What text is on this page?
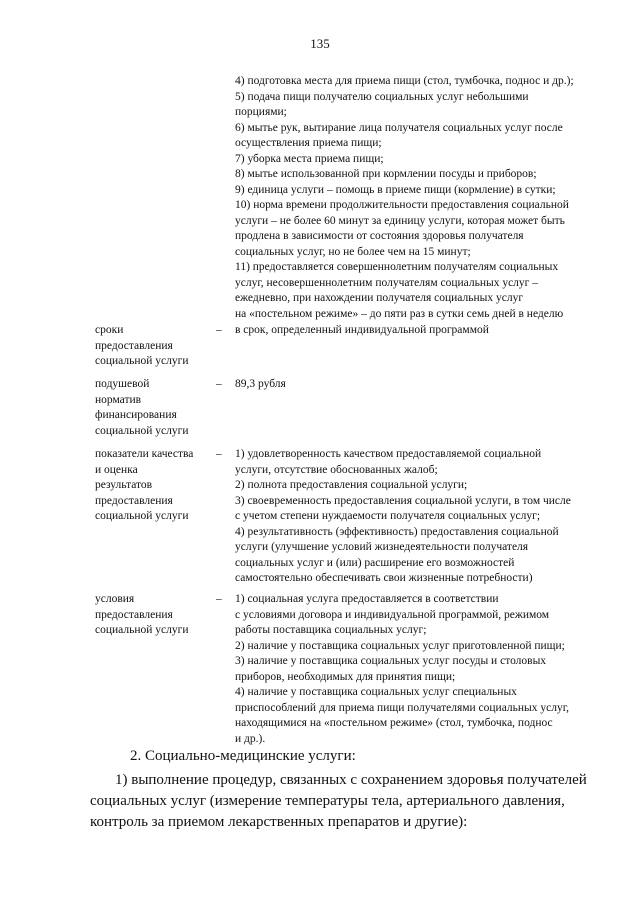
135
4) подготовка места для приема пищи (стол, тумбочка, поднос и др.);
5) подача пищи получателю социальных услуг небольшими
порциями;
6) мытье рук, вытирание лица получателя социальных услуг после
осуществления приема пищи;
7) уборка места приема пищи;
8) мытье использованной при кормлении посуды и приборов;
9) единица услуги – помощь в приеме пищи (кормление) в сутки;
10) норма времени продолжительности предоставления социальной
услуги – не более 60 минут за единицу услуги, которая может быть
продлена в зависимости от состояния здоровья получателя
социальных услуг, но не более чем на 15 минут;
11) предоставляется совершеннолетним получателям социальных
услуг, несовершеннолетним получателям социальных услуг –
ежедневно, при нахождении получателя социальных услуг
на «постельном режиме» – до пяти раз в сутки семь дней в неделю
сроки
предоставления
социальной услуги
– в срок, определенный индивидуальной программой
подушевой
норматив
финансирования
социальной услуги
– 89,3 рубля
показатели качества
и оценка
результатов
предоставления
социальной услуги
– 1) удовлетворенность качеством предоставляемой социальной
услуги, отсутствие обоснованных жалоб;
2) полнота предоставления социальной услуги;
3) своевременность предоставления социальной услуги, в том числе
с учетом степени нуждаемости получателя социальных услуг;
4) результативность (эффективность) предоставления социальной
услуги (улучшение условий жизнедеятельности получателя
социальных услуг и (или) расширение его возможностей
самостоятельно обеспечивать свои жизненные потребности)
условия
предоставления
социальной услуги
– 1) социальная услуга предоставляется в соответствии
с условиями договора и индивидуальной программой, режимом
работы поставщика социальных услуг;
2) наличие у поставщика социальных услуг приготовленной пищи;
3) наличие у поставщика социальных услуг посуды и столовых
приборов, необходимых для принятия пищи;
4) наличие у поставщика социальных услуг специальных
приспособлений для приема пищи получателями социальных услуг,
находящимися на «постельном режиме» (стол, тумбочка, поднос
и др.).
2. Социально-медицинские услуги:
1) выполнение процедур, связанных с сохранением здоровья получателей
социальных услуг (измерение температуры тела, артериального давления,
контроль за приемом лекарственных препаратов и другие):
